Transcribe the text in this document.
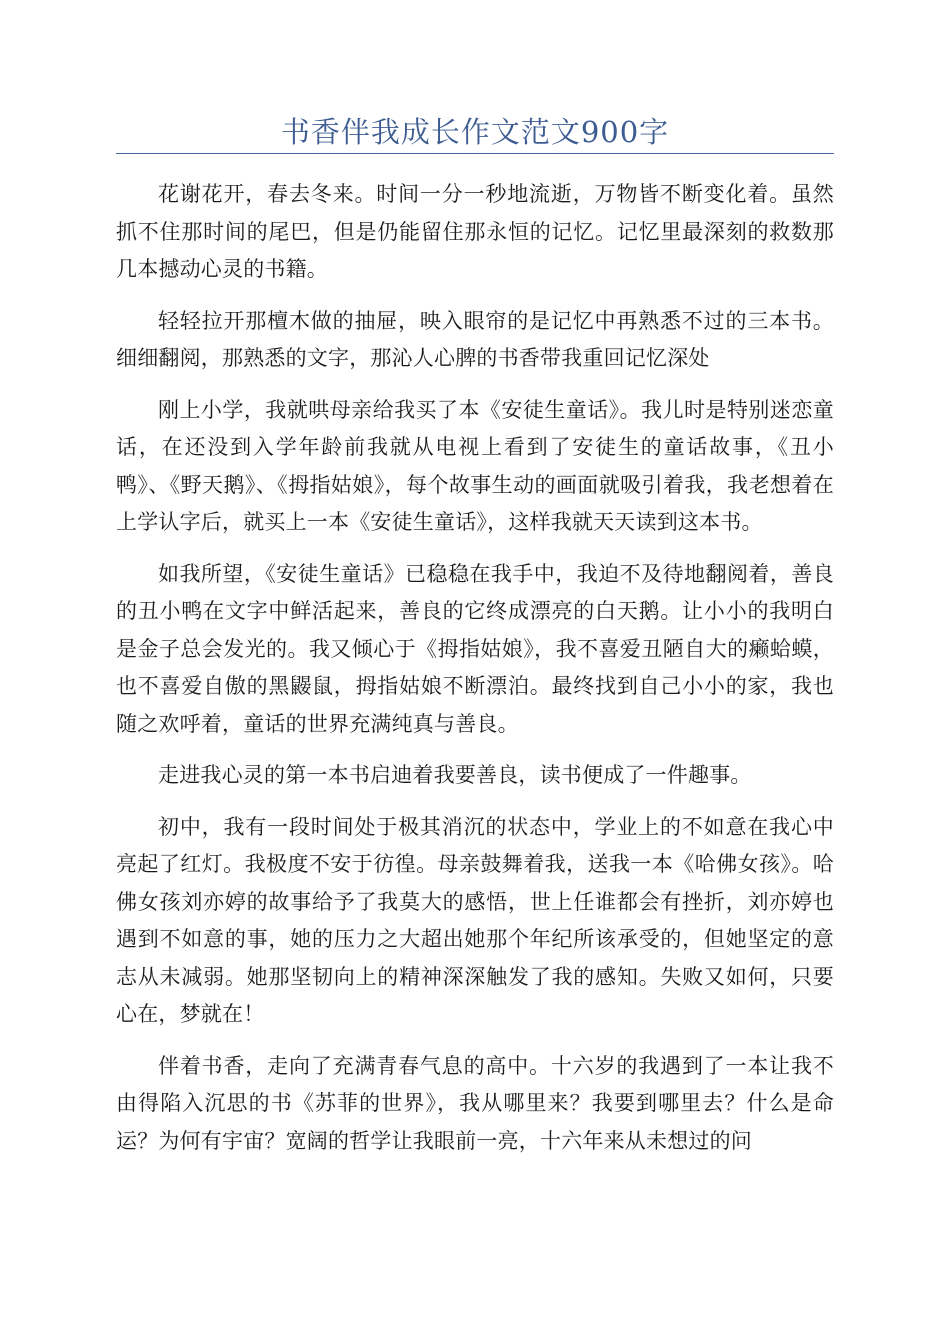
书香伴我成长作文范文900字

花谢花开，春去冬来。时间一分一秒地流逝，万物皆不断变化着。虽然抓不住那时间的尾巴，但是仍能留住那永恒的记忆。记忆里最深刻的救数那几本撼动心灵的书籍。

轻轻拉开那檀木做的抽屉，映入眼帘的是记忆中再熟悉不过的三本书。细细翻阅，那熟悉的文字，那沁人心脾的书香带我重回记忆深处

刚上小学，我就哄母亲给我买了本《安徒生童话》。我儿时是特别迷恋童话，在还没到入学年龄前我就从电视上看到了安徒生的童话故事，《丑小鸭》、《野天鹅》、《拇指姑娘》，每个故事生动的画面就吸引着我，我老想着在上学认字后，就买上一本《安徒生童话》，这样我就天天读到这本书。

如我所望，《安徒生童话》已稳稳在我手中，我迫不及待地翻阅着，善良的丑小鸭在文字中鲜活起来，善良的它终成漂亮的白天鹅。让小小的我明白是金子总会发光的。我又倾心于《拇指姑娘》，我不喜爱丑陋自大的癞蛤蟆，也不喜爱自傲的黑鼹鼠，拇指姑娘不断漂泊。最终找到自己小小的家，我也随之欢呼着，童话的世界充满纯真与善良。

走进我心灵的第一本书启迪着我要善良，读书便成了一件趣事。

初中，我有一段时间处于极其消沉的状态中，学业上的不如意在我心中亮起了红灯。我极度不安于彷徨。母亲鼓舞着我，送我一本《哈佛女孩》。哈佛女孩刘亦婷的故事给予了我莫大的感悟，世上任谁都会有挫折，刘亦婷也遇到不如意的事，她的压力之大超出她那个年纪所该承受的，但她坚定的意志从未减弱。她那坚韧向上的精神深深触发了我的感知。失败又如何，只要心在，梦就在！

伴着书香，走向了充满青春气息的高中。十六岁的我遇到了一本让我不由得陷入沉思的书《苏菲的世界》，我从哪里来？我要到哪里去？什么是命运？为何有宇宙？宽阔的哲学让我眼前一亮，十六年来从未想过的问
